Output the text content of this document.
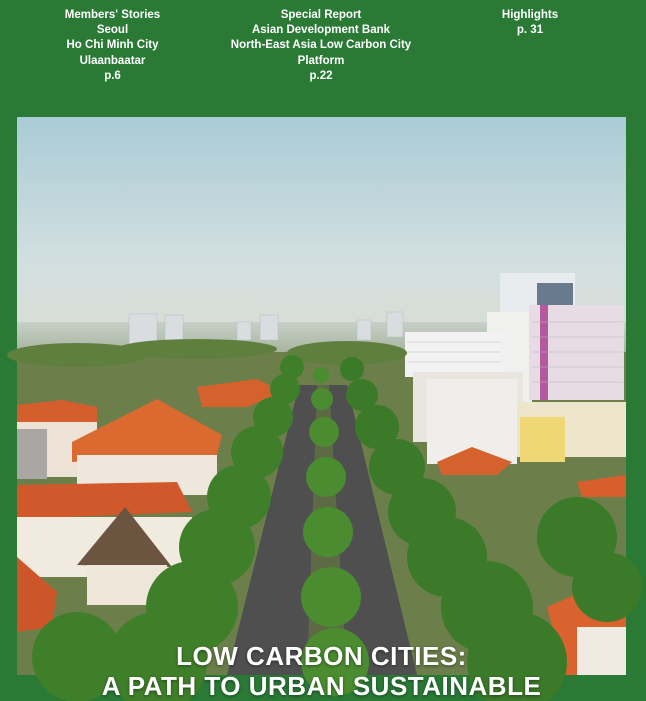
Members' Stories
Seoul
Ho Chi Minh City
Ulaanbaatar
p.6
Special Report
Asian Development Bank
North-East Asia Low Carbon City
Platform
p.22
Highlights
p. 31
LOW CARBON CITIES:
A PATH TO URBAN SUSTAINABLE
